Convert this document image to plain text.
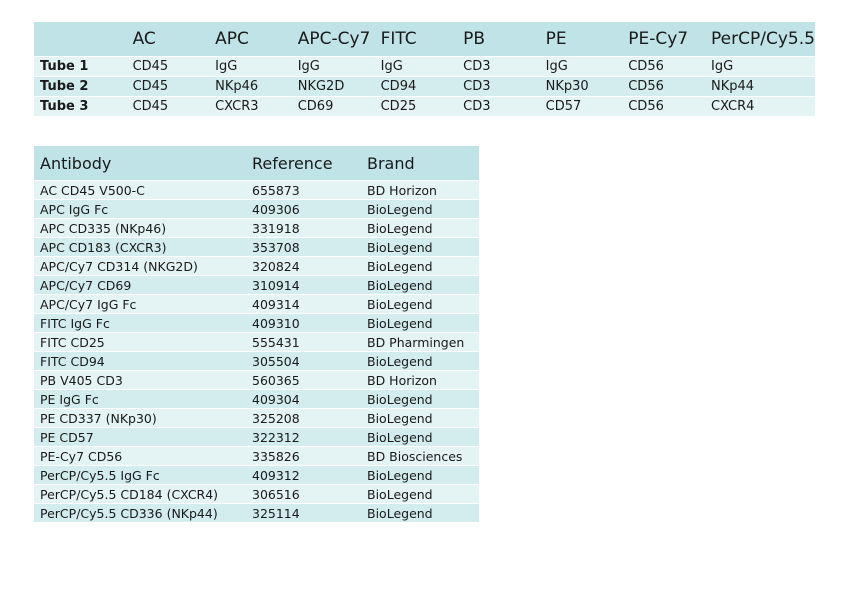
	AC	APC	APC-Cy7	FITC	PB	PE	PE-Cy7	PerCP/Cy5.5
Tube 1	CD45	IgG	IgG	IgG	CD3	IgG	CD56	IgG
Tube 2	CD45	NKp46	NKG2D	CD94	CD3	NKp30	CD56	NKp44
Tube 3	CD45	CXCR3	CD69	CD25	CD3	CD57	CD56	CXCR4
Antibody	Reference	Brand
AC CD45 V500-C	655873	BD Horizon
APC IgG Fc	409306	BioLegend
APC CD335 (NKp46)	331918	BioLegend
APC CD183 (CXCR3)	353708	BioLegend
APC/Cy7 CD314 (NKG2D)	320824	BioLegend
APC/Cy7 CD69	310914	BioLegend
APC/Cy7 IgG Fc	409314	BioLegend
FITC IgG Fc	409310	BioLegend
FITC CD25	555431	BD Pharmingen
FITC CD94	305504	BioLegend
PB V405 CD3	560365	BD Horizon
PE IgG Fc	409304	BioLegend
PE CD337 (NKp30)	325208	BioLegend
PE CD57	322312	BioLegend
PE-Cy7 CD56	335826	BD Biosciences
PerCP/Cy5.5 IgG Fc	409312	BioLegend
PerCP/Cy5.5 CD184 (CXCR4)	306516	BioLegend
PerCP/Cy5.5 CD336 (NKp44)	325114	BioLegend
